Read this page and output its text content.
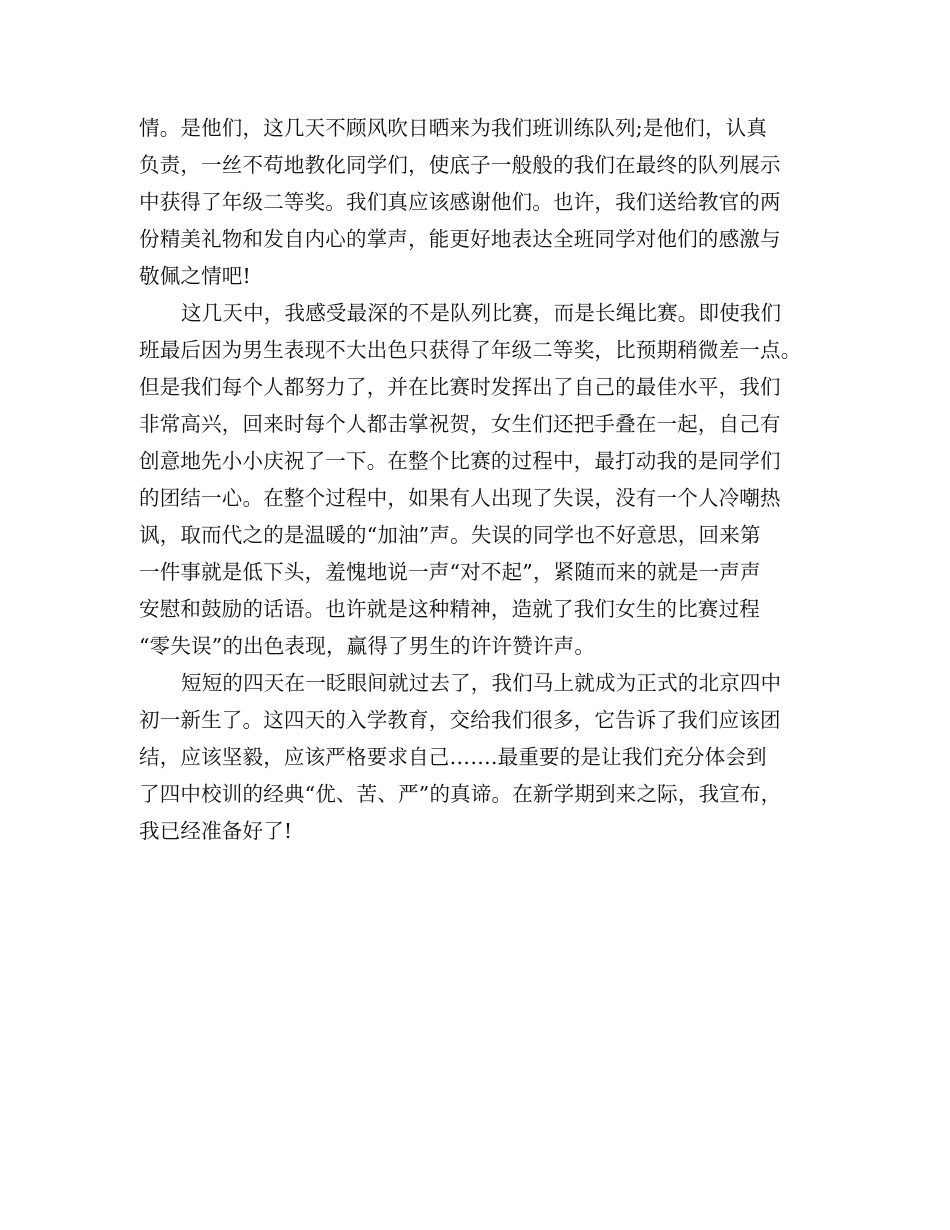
情。是他们，这几天不顾风吹日晒来为我们班训练队列;是他们，认真
负责，一丝不苟地教化同学们，使底子一般般的我们在最终的队列展示
中获得了年级二等奖。我们真应该感谢他们。也许，我们送给教官的两
份精美礼物和发自内心的掌声，能更好地表达全班同学对他们的感激与
敬佩之情吧!
这几天中，我感受最深的不是队列比赛，而是长绳比赛。即使我们
班最后因为男生表现不大出色只获得了年级二等奖，比预期稍微差一点。
但是我们每个人都努力了，并在比赛时发挥出了自己的最佳水平，我们
非常高兴，回来时每个人都击掌祝贺，女生们还把手叠在一起，自己有
创意地先小小庆祝了一下。在整个比赛的过程中，最打动我的是同学们
的团结一心。在整个过程中，如果有人出现了失误，没有一个人冷嘲热
讽，取而代之的是温暖的“加油”声。失误的同学也不好意思，回来第
一件事就是低下头，羞愧地说一声“对不起”，紧随而来的就是一声声
安慰和鼓励的话语。也许就是这种精神，造就了我们女生的比赛过程
“零失误”的出色表现，赢得了男生的许许赞许声。
短短的四天在一眨眼间就过去了，我们马上就成为正式的北京四中
初一新生了。这四天的入学教育，交给我们很多，它告诉了我们应该团
结，应该坚毅，应该严格要求自己…….最重要的是让我们充分体会到
了四中校训的经典“优、苦、严”的真谛。在新学期到来之际，我宣布，
我已经准备好了!
